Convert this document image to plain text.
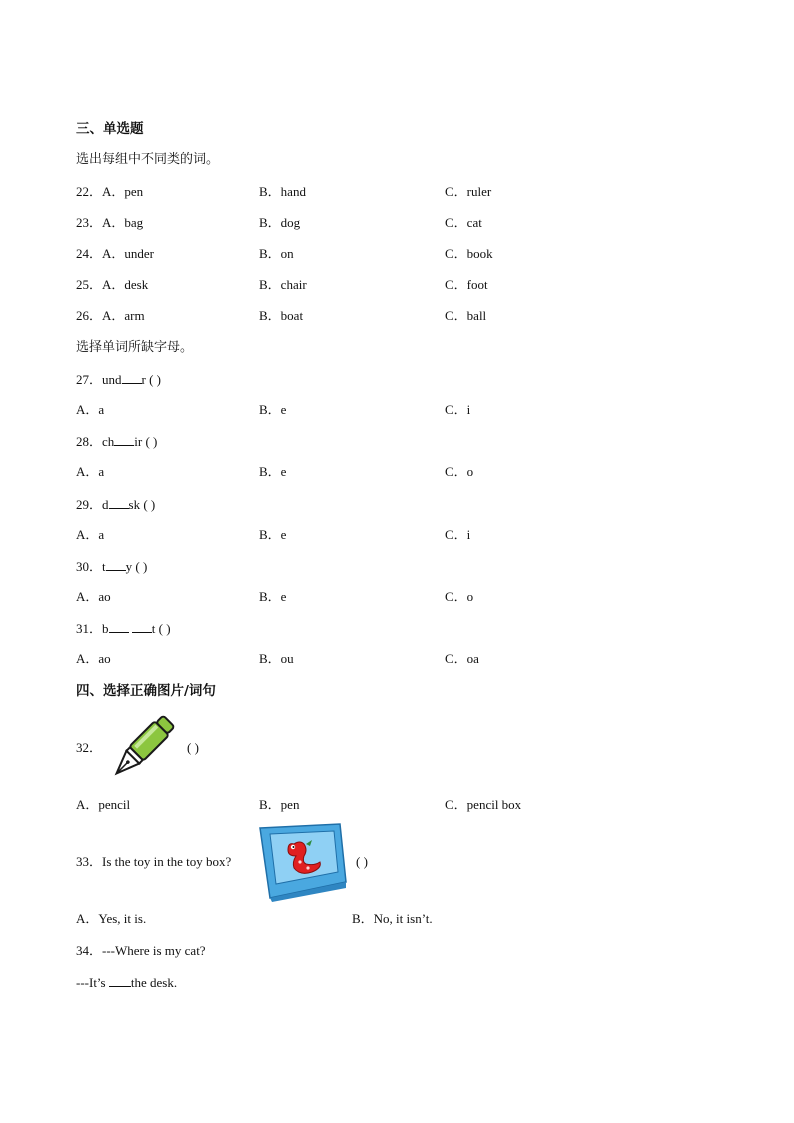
三、单选题
选出每组中不同类的词。
22．A．pen	B．hand	C．ruler
23．A．bag	B．dog	C．cat
24．A．under	B．on	C．book
25．A．desk	B．chair	C．foot
26．A．arm	B．boat	C．ball
选择单词所缺字母。
27．und r ( )
A．a	B．e	C．i
28．ch ir ( )
A．a	B．e	C．o
29．d sk ( )
A．a	B．e	C．i
30．t y ( )
A．ao	B．e	C．o
31．b	t ( )
A．ao	B．ou	C．oa
四、选择正确图片/词句
32．	( )
A．pencil	B．pen	C．pencil box
33．Is the toy in the toy box?	( )
A．Yes, it is.	B．No, it isn’t.
34．---Where is my cat?
---It’s the desk.
